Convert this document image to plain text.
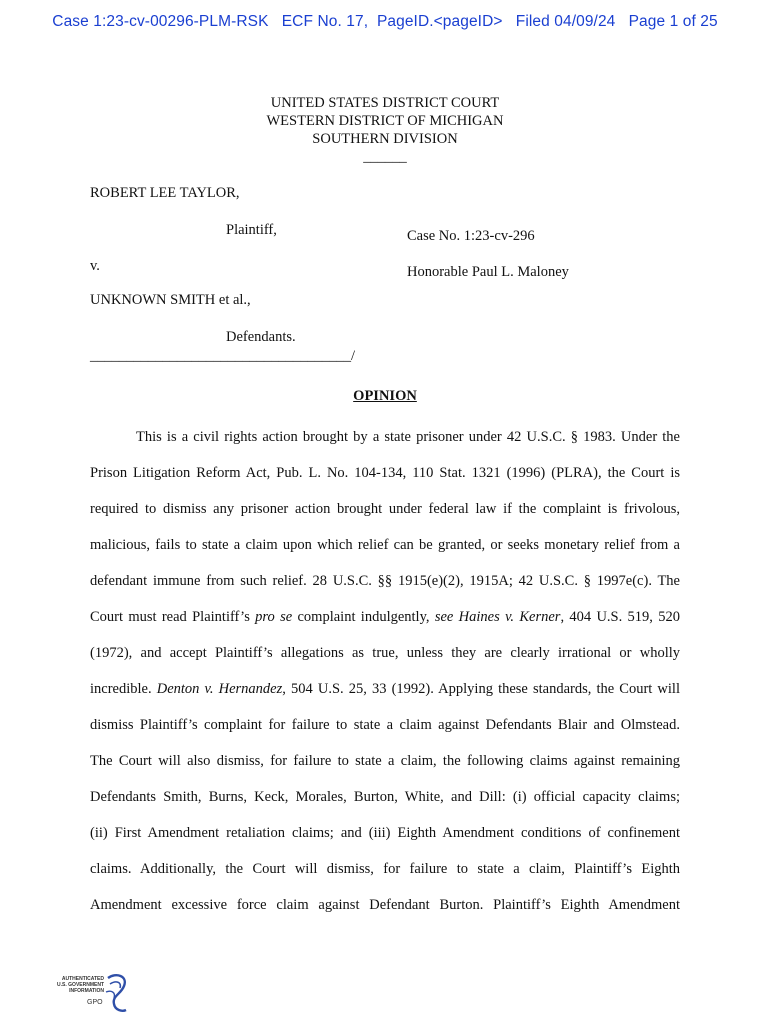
Case 1:23-cv-00296-PLM-RSK   ECF No. 17,  PageID.<pageID>   Filed 04/09/24   Page 1 of 25
UNITED STATES DISTRICT COURT
WESTERN DISTRICT OF MICHIGAN
SOUTHERN DIVISION
______
ROBERT LEE TAYLOR,
Plaintiff,	Case No. 1:23-cv-296
v.	Honorable Paul L. Maloney
UNKNOWN SMITH et al.,
Defendants.
____________________________________/
OPINION
This is a civil rights action brought by a state prisoner under 42 U.S.C. § 1983. Under the
Prison Litigation Reform Act, Pub. L. No. 104-134, 110 Stat. 1321 (1996) (PLRA), the Court is
required to dismiss any prisoner action brought under federal law if the complaint is frivolous,
malicious, fails to state a claim upon which relief can be granted, or seeks monetary relief from a
defendant immune from such relief. 28 U.S.C. §§ 1915(e)(2), 1915A; 42 U.S.C. § 1997e(c). The
Court must read Plaintiff’s pro se complaint indulgently, see Haines v. Kerner, 404 U.S. 519, 520
(1972), and accept Plaintiff’s allegations as true, unless they are clearly irrational or wholly
incredible. Denton v. Hernandez, 504 U.S. 25, 33 (1992). Applying these standards, the Court will
dismiss Plaintiff’s complaint for failure to state a claim against Defendants Blair and Olmstead.
The Court will also dismiss, for failure to state a claim, the following claims against remaining
Defendants Smith, Burns, Keck, Morales, Burton, White, and Dill: (i) official capacity claims;
(ii) First Amendment retaliation claims; and (iii) Eighth Amendment conditions of confinement
claims. Additionally, the Court will dismiss, for failure to state a claim, Plaintiff’s Eighth
Amendment excessive force claim against Defendant Burton. Plaintiff’s Eighth Amendment
AUTHENTICATED
U.S. GOVERNMENT
INFORMATION
GPO
